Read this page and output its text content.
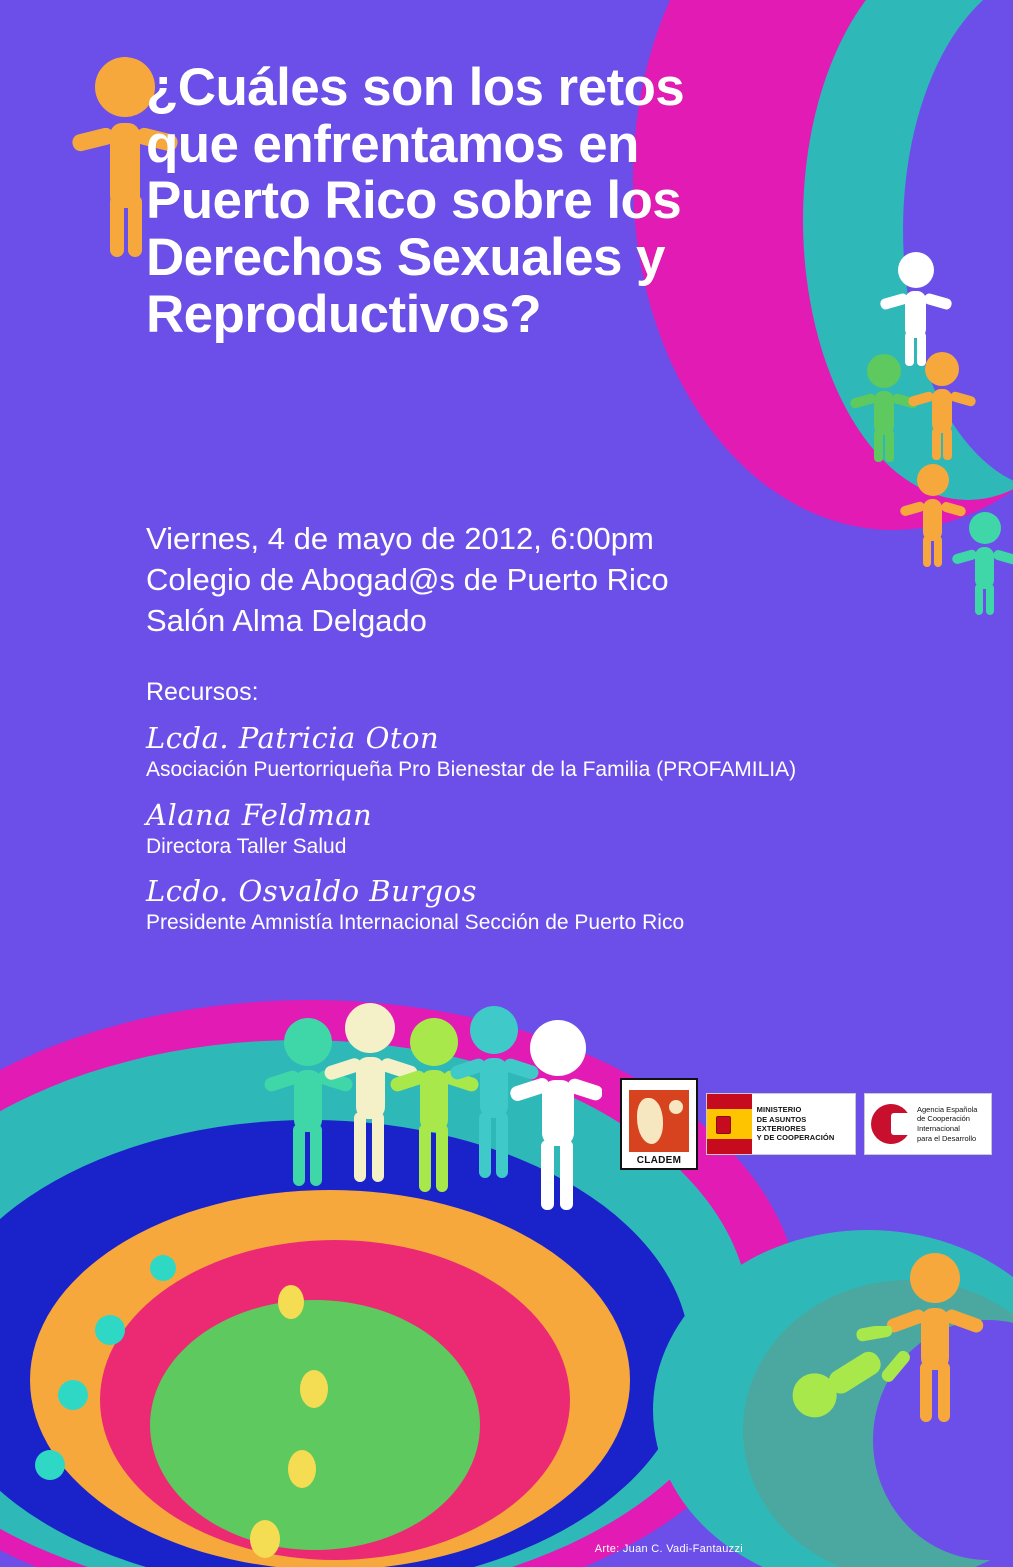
¿Cuáles son los retos
que enfrentamos en
Puerto Rico sobre los
Derechos Sexuales y
Reproductivos?
Viernes, 4 de mayo de 2012, 6:00pm
Colegio de Abogad@s de Puerto Rico
Salón Alma Delgado
Recursos:
Lcda. Patricia Oton
Asociación Puertorriqueña Pro Bienestar de la Familia (PROFAMILIA)
Alana Feldman
Directora Taller Salud
Lcdo. Osvaldo Burgos
Presidente Amnistía Internacional Sección de Puerto Rico
CLADEM
MINISTERIO
DE ASUNTOS EXTERIORES
Y DE COOPERACIÓN
Agencia Española
de Cooperación
Internacional
para el Desarrollo
Arte: Juan C. Vadi-Fantauzzi
